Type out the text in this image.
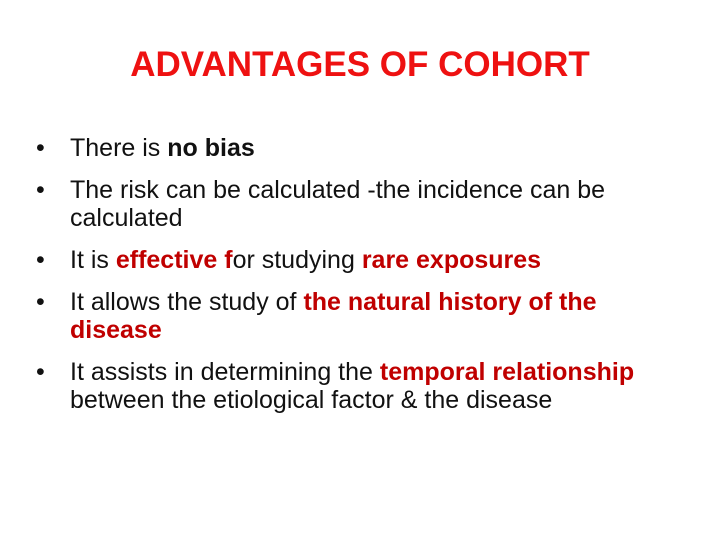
ADVANTAGES OF COHORT
•	There is no bias
•	The risk can be calculated -the incidence can be calculated
•	It is effective for studying rare exposures
•	It allows the study of the natural history of the disease
•	It assists in determining the temporal relationship between the etiological factor & the disease
